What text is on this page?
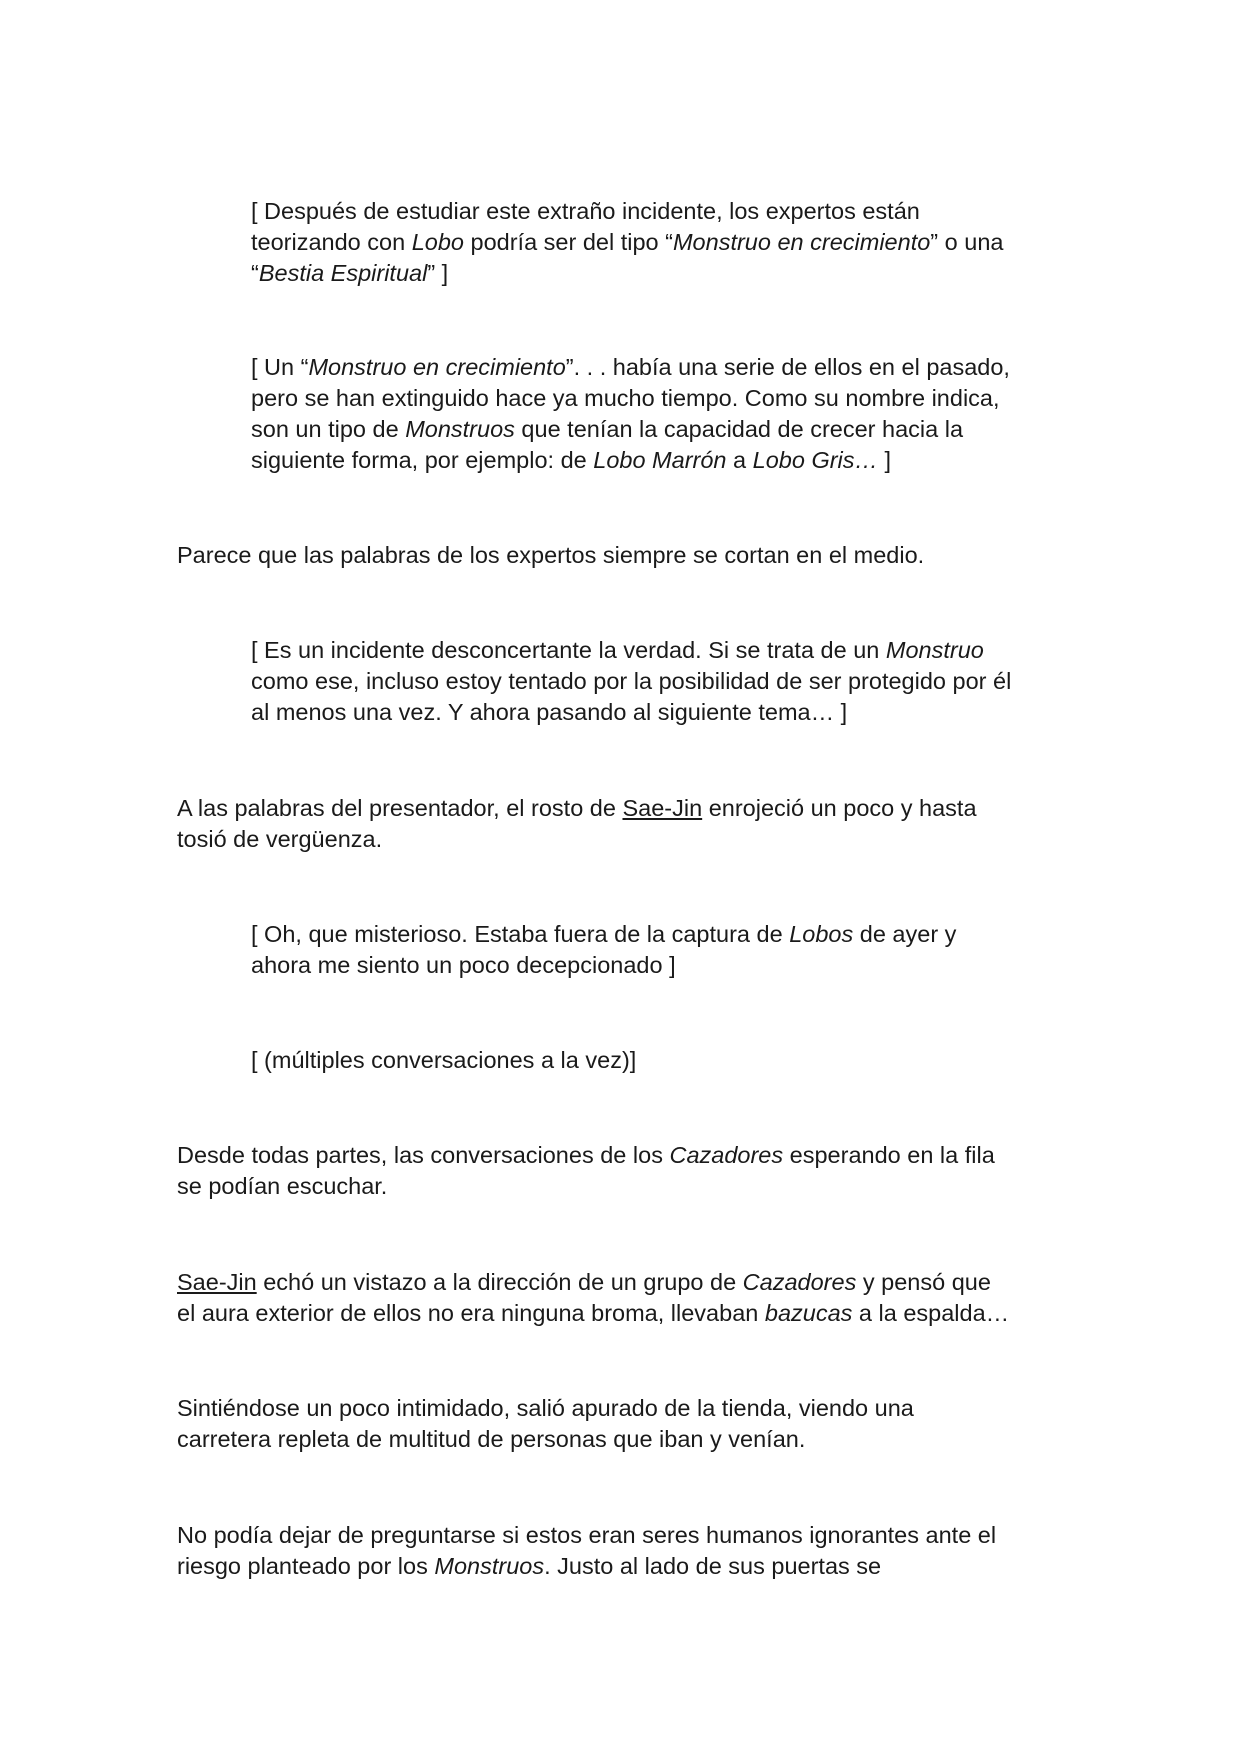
[ Después de estudiar este extraño incidente, los expertos están
teorizando con Lobo podría ser del tipo “Monstruo en crecimiento” o una
“Bestia Espiritual” ]

[ Un “Monstruo en crecimiento”. . . había una serie de ellos en el pasado,
pero se han extinguido hace ya mucho tiempo. Como su nombre indica,
son un tipo de Monstruos que tenían la capacidad de crecer hacia la
siguiente forma, por ejemplo: de Lobo Marrón a Lobo Gris… ]

Parece que las palabras de los expertos siempre se cortan en el medio.

[ Es un incidente desconcertante la verdad. Si se trata de un Monstruo
como ese, incluso estoy tentado por la posibilidad de ser protegido por él
al menos una vez. Y ahora pasando al siguiente tema… ]

A las palabras del presentador, el rosto de Sae-Jin enrojeció un poco y hasta
tosió de vergüenza.

[ Oh, que misterioso. Estaba fuera de la captura de Lobos de ayer y
ahora me siento un poco decepcionado ]

[ (múltiples conversaciones a la vez)]

Desde todas partes, las conversaciones de los Cazadores esperando en la fila
se podían escuchar.

Sae-Jin echó un vistazo a la dirección de un grupo de Cazadores y pensó que
el aura exterior de ellos no era ninguna broma, llevaban bazucas a la espalda…

Sintiéndose un poco intimidado, salió apurado de la tienda, viendo una
carretera repleta de multitud de personas que iban y venían.

No podía dejar de preguntarse si estos eran seres humanos ignorantes ante el
riesgo planteado por los Monstruos. Justo al lado de sus puertas se
